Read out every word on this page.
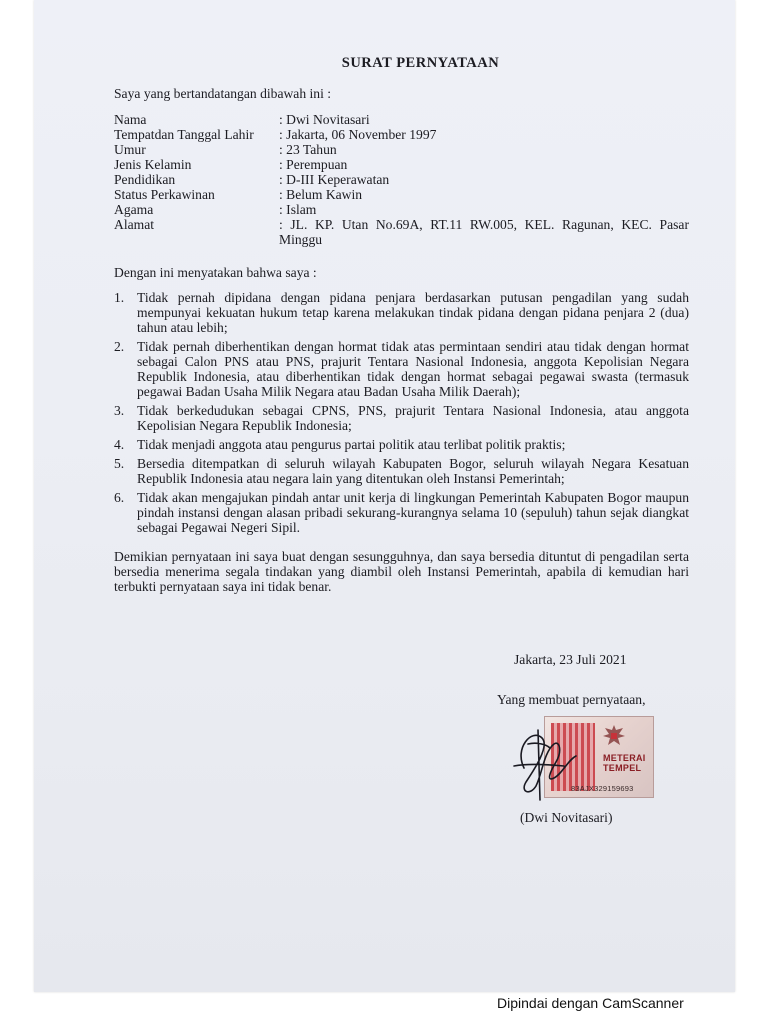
SURAT PERNYATAAN
Saya yang bertandatangan dibawah ini :
Nama	: Dwi Novitasari
Tempatdan Tanggal Lahir	: Jakarta, 06 November 1997
Umur	: 23 Tahun
Jenis Kelamin	: Perempuan
Pendidikan	: D-III Keperawatan
Status Perkawinan	: Belum Kawin
Agama	: Islam
Alamat	: JL. KP. Utan No.69A, RT.11 RW.005, KEL. Ragunan, KEC. Pasar Minggu
Dengan ini menyatakan bahwa saya :
1. Tidak pernah dipidana dengan pidana penjara berdasarkan putusan pengadilan yang sudah mempunyai kekuatan hukum tetap karena melakukan tindak pidana dengan pidana penjara 2 (dua) tahun atau lebih;
2. Tidak pernah diberhentikan dengan hormat tidak atas permintaan sendiri atau tidak dengan hormat sebagai Calon PNS atau PNS, prajurit Tentara Nasional Indonesia, anggota Kepolisian Negara Republik Indonesia, atau diberhentikan tidak dengan hormat sebagai pegawai swasta (termasuk pegawai Badan Usaha Milik Negara atau Badan Usaha Milik Daerah);
3. Tidak berkedudukan sebagai CPNS, PNS, prajurit Tentara Nasional Indonesia, atau anggota Kepolisian Negara Republik Indonesia;
4. Tidak menjadi anggota atau pengurus partai politik atau terlibat politik praktis;
5. Bersedia ditempatkan di seluruh wilayah Kabupaten Bogor, seluruh wilayah Negara Kesatuan Republik Indonesia atau negara lain yang ditentukan oleh Instansi Pemerintah;
6. Tidak akan mengajukan pindah antar unit kerja di lingkungan Pemerintah Kabupaten Bogor maupun pindah instansi dengan alasan pribadi sekurang-kurangnya selama 10 (sepuluh) tahun sejak diangkat sebagai Pegawai Negeri Sipil.
Demikian pernyataan ini saya buat dengan sesungguhnya, dan saya bersedia dituntut di pengadilan serta bersedia menerima segala tindakan yang diambil oleh Instansi Pemerintah, apabila di kemudian hari terbukti pernyataan saya ini tidak benar.
Jakarta, 23 Juli 2021
Yang membuat pernyataan,
METERAI
TEMPEL
83AJX329159693
(Dwi Novitasari)
Dipindai dengan CamScanner
